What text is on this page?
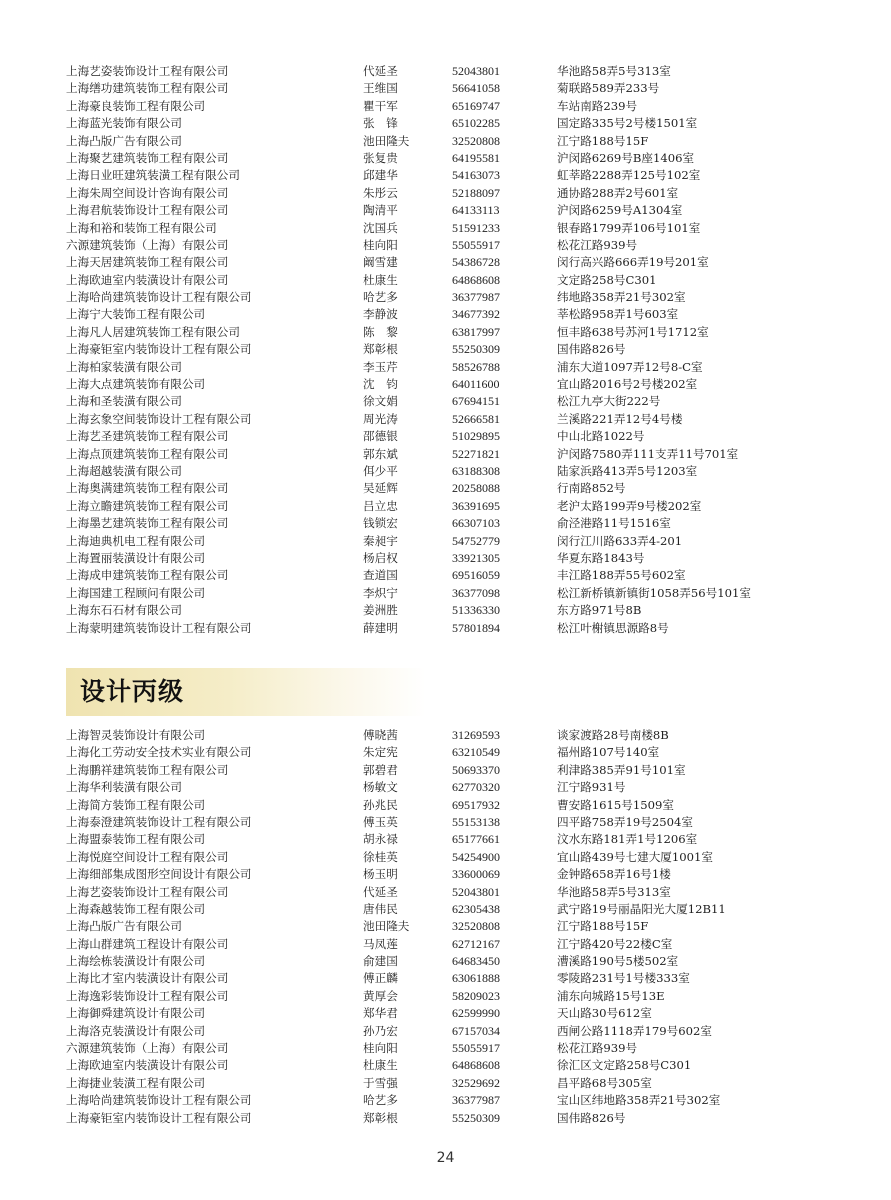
上海艺姿装饰设计工程有限公司	代延圣	52043801	华池路58弄5号313室
上海缮功建筑装饰工程有限公司	王维国	56641058	菊联路589弄233号
上海豪良装饰工程有限公司	瞿干军	65169747	车站南路239号
上海蓝光装饰有限公司	张　锋	65102285	国定路335号2号楼1501室
上海凸版广告有限公司	池田隆夫	32520808	江宁路188号15F
上海聚艺建筑装饰工程有限公司	张复贵	64195581	沪闵路6269号B座1406室
上海日业旺建筑装潢工程有限公司	邱建华	54163073	虹莘路2288弄125号102室
上海朱周空间设计咨询有限公司	朱彤云	52188097	通协路288弄2号601室
上海君航装饰设计工程有限公司	陶清平	64133113	沪闵路6259号A1304室
上海和裕和装饰工程有限公司	沈国兵	51591233	银春路1799弄106号101室
六源建筑装饰（上海）有限公司	桂向阳	55055917	松花江路939号
上海天居建筑装饰工程有限公司	阚雪建	54386728	闵行高兴路666弄19号201室
上海欧迪室内装潢设计有限公司	杜康生	64868608	文定路258号C301
上海哈尚建筑装饰设计工程有限公司	哈艺多	36377987	纬地路358弄21号302室
上海宁大装饰工程有限公司	李静波	34677392	莘松路958弄1号603室
上海凡人居建筑装饰工程有限公司	陈　黎	63817997	恒丰路638号苏河1号1712室
上海豪钜室内装饰设计工程有限公司	郑彰根	55250309	国伟路826号
上海柏家装潢有限公司	李玉芹	58526788	浦东大道1097弄12号8-C室
上海大点建筑装饰有限公司	沈　钧	64011600	宜山路2016号2号楼202室
上海和圣装潢有限公司	徐文娟	67694151	松江九亭大街222号
上海玄象空间装饰设计工程有限公司	周光涛	52666581	兰溪路221弄12号4号楼
上海艺圣建筑装饰工程有限公司	邵德银	51029895	中山北路1022号
上海点顶建筑装饰工程有限公司	郭东斌	52271821	沪闵路7580弄111支弄11号701室
上海超越装潢有限公司	佴少平	63188308	陆家浜路413弄5号1203室
上海奥满建筑装饰工程有限公司	吴延辉	20258088	行南路852号
上海立瞻建筑装饰工程有限公司	吕立忠	36391695	老沪太路199弄9号楼202室
上海墨艺建筑装饰工程有限公司	钱锁宏	66307103	俞泾港路11号1516室
上海迪典机电工程有限公司	秦昶宇	54752779	闵行江川路633弄4-201
上海置丽装潢设计有限公司	杨启权	33921305	华夏东路1843号
上海成申建筑装饰工程有限公司	查道国	69516059	丰江路188弄55号602室
上海国建工程顾问有限公司	李炽宁	36377098	松江新桥镇新镇街1058弄56号101室
上海东石石材有限公司	姜洲胜	51336330	东方路971号8B
上海蒙明建筑装饰设计工程有限公司	薛建明	57801894	松江叶榭镇思源路8号
设计丙级
上海智灵装饰设计有限公司	傅晓茜	31269593	谈家渡路28号南楼8B
上海化工劳动安全技术实业有限公司	朱定宪	63210549	福州路107号140室
上海鹏祥建筑装饰工程有限公司	郭碧君	50693370	利津路385弄91号101室
上海华利装潢有限公司	杨敏文	62770320	江宁路931号
上海简方装饰工程有限公司	孙兆民	69517932	曹安路1615号1509室
上海泰澄建筑装饰设计工程有限公司	傅玉英	55153138	四平路758弄19号2504室
上海盟泰装饰工程有限公司	胡永禄	65177661	汶水东路181弄1号1206室
上海悦庭空间设计工程有限公司	徐桂英	54254900	宜山路439号七建大厦1001室
上海细部集成图形空间设计有限公司	杨玉明	33600069	金钟路658弄16号1楼
上海艺姿装饰设计工程有限公司	代延圣	52043801	华池路58弄5号313室
上海森越装饰工程有限公司	唐伟民	62305438	武宁路19号丽晶阳光大厦12B11
上海凸版广告有限公司	池田隆夫	32520808	江宁路188号15F
上海山群建筑工程设计有限公司	马凤莲	62712167	江宁路420号22楼C室
上海绘栋装潢设计有限公司	俞建国	64683450	漕溪路190号5楼502室
上海比才室内装潢设计有限公司	傅正麟	63061888	零陵路231号1号楼333室
上海逸彩装饰设计工程有限公司	黄厚会	58209023	浦东向城路15号13E
上海御舜建筑设计有限公司	郑华君	62599990	天山路30号612室
上海洛克装潢设计有限公司	孙乃宏	67157034	西闸公路1118弄179号602室
六源建筑装饰（上海）有限公司	桂向阳	55055917	松花江路939号
上海欧迪室内装潢设计有限公司	杜康生	64868608	徐汇区文定路258号C301
上海捷业装潢工程有限公司	于雪强	32529692	昌平路68号305室
上海哈尚建筑装饰设计工程有限公司	哈艺多	36377987	宝山区纬地路358弄21号302室
上海豪钜室内装饰设计工程有限公司	郑彰根	55250309	国伟路826号
24
